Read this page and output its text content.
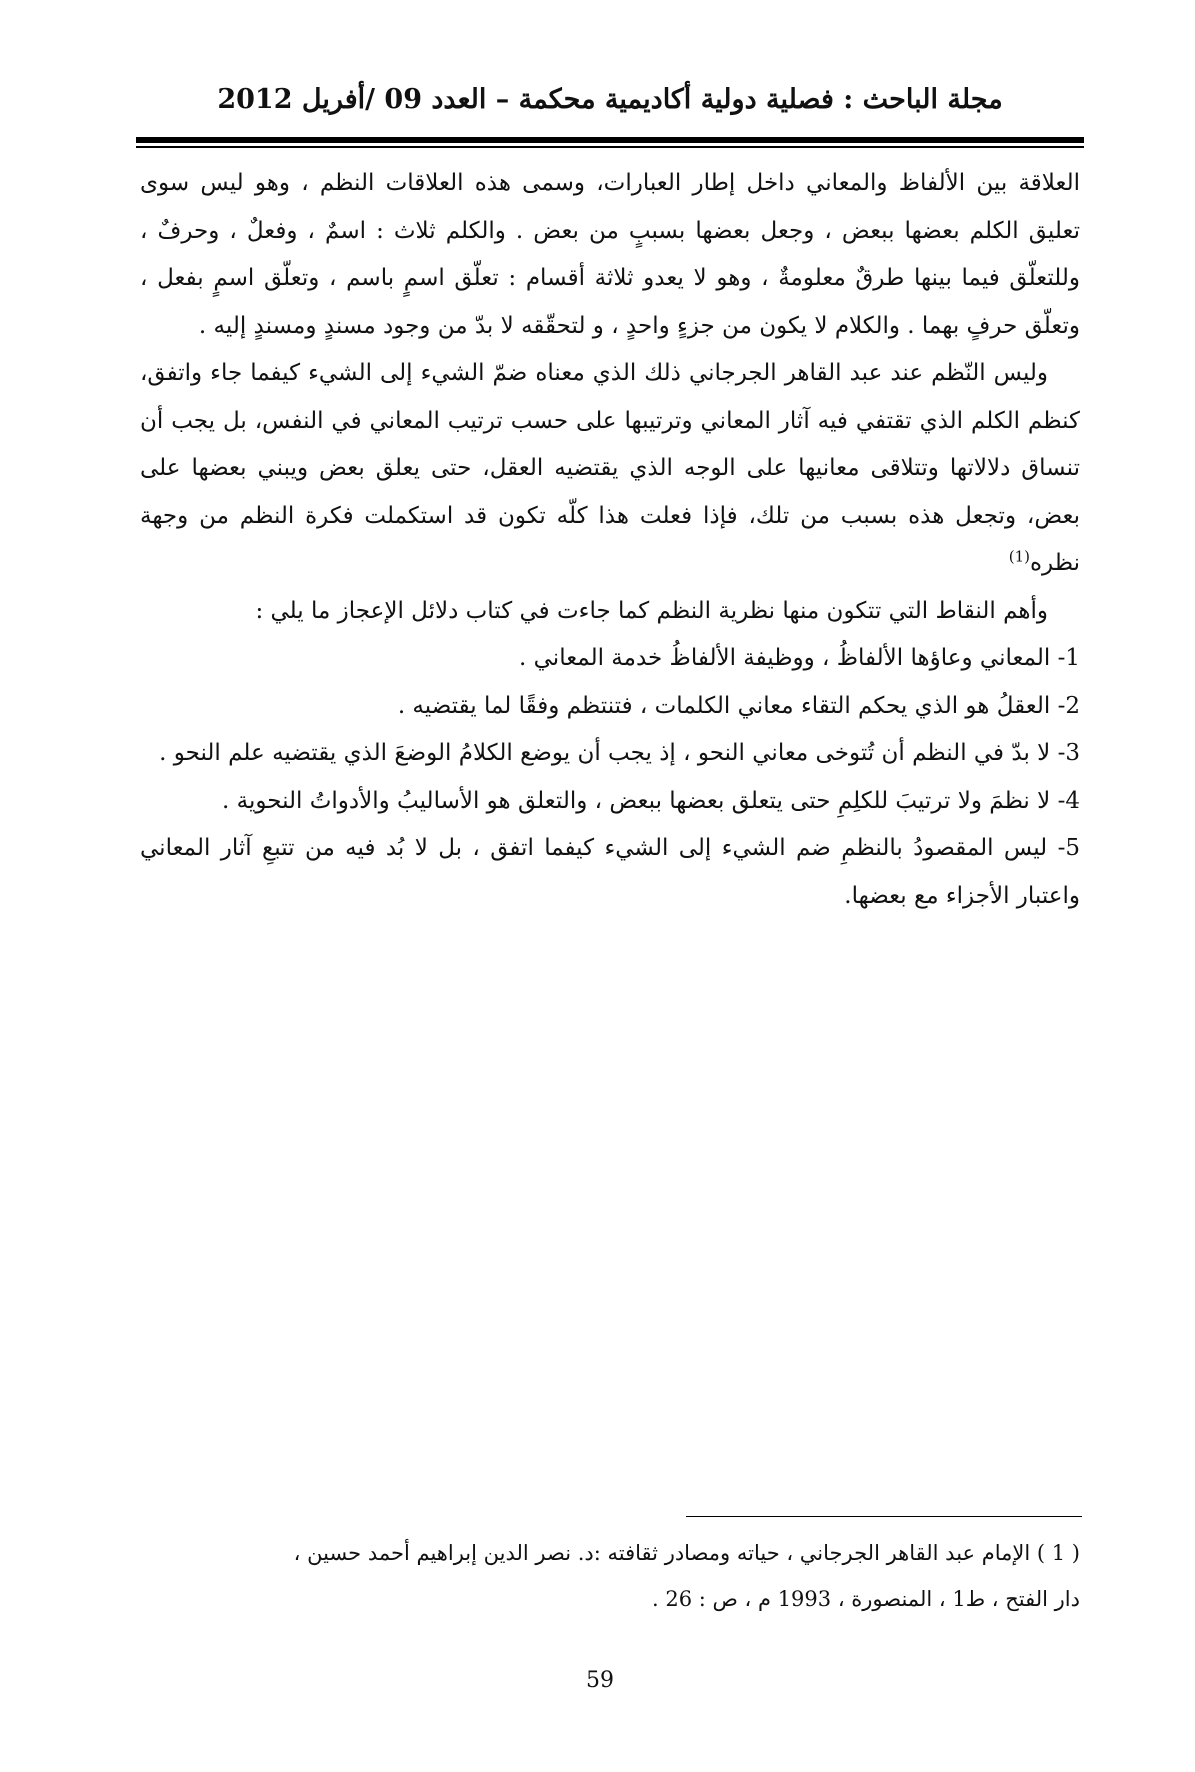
مجلة الباحث : فصلية دولية أكاديمية محكمة – العدد 09 /أفريل 2012

العلاقة بين الألفاظ والمعاني داخل إطار العبارات، وسمى هذه العلاقات النظم ، وهو ليس سوى تعليق الكلم بعضها ببعض ، وجعل بعضها بسببٍ من بعض . والكلم ثلاث : اسمٌ ، وفعلٌ ، وحرفٌ ، وللتعلّق فيما بينها طرقٌ معلومةٌ ، وهو لا يعدو ثلاثة أقسام : تعلّق اسمٍ باسم ، وتعلّق اسمٍ بفعل ، وتعلّق حرفٍ بهما . والكلام لا يكون من جزءٍ واحدٍ ، و لتحقّقه لا بدّ من وجود مسندٍ ومسندٍ إليه .

وليس النّظم عند عبد القاهر الجرجاني ذلك الذي معناه ضمّ الشيء إلى الشيء كيفما جاء واتفق، كنظم الكلم الذي تقتفي فيه آثار المعاني وترتيبها على حسب ترتيب المعاني في النفس، بل يجب أن تنساق دلالاتها وتتلاقى معانيها على الوجه الذي يقتضيه العقل، حتى يعلق بعض ويبني بعضها على بعض، وتجعل هذه بسبب من تلك، فإذا فعلت هذا كلّه تكون قد استكملت فكرة النظم من وجهة نظره$^{(1)}$

وأهم النقاط التي تتكون منها نظرية النظم كما جاءت في كتاب دلائل الإعجاز ما يلي :

1- المعاني وعاؤها الألفاظُ ، ووظيفة الألفاظُ خدمة المعاني .

2- العقلُ هو الذي يحكم التقاء معاني الكلمات ، فتنتظم وفقًا لما يقتضيه .

3- لا بدّ في النظم أن تُتوخى معاني النحو ، إذ يجب أن يوضع الكلامُ الوضعَ الذي يقتضيه علم النحو .

4- لا نظمَ ولا ترتيبَ للكلِمِ حتى يتعلق بعضها ببعض ، والتعلق هو الأساليبُ والأدواتُ النحوية .

5- ليس المقصودُ بالنظمِ ضم الشيء إلى الشيء كيفما اتفق ، بل لا بُد فيه من تتبعِ آثار المعاني واعتبار الأجزاء مع بعضها.

( 1 ) الإمام عبد القاهر الجرجاني ، حياته ومصادر ثقافته :د. نصر الدين إبراهيم أحمد حسين ،

دار الفتح ، ط1 ، المنصورة ، 1993 م ، ص : 26 .

59
